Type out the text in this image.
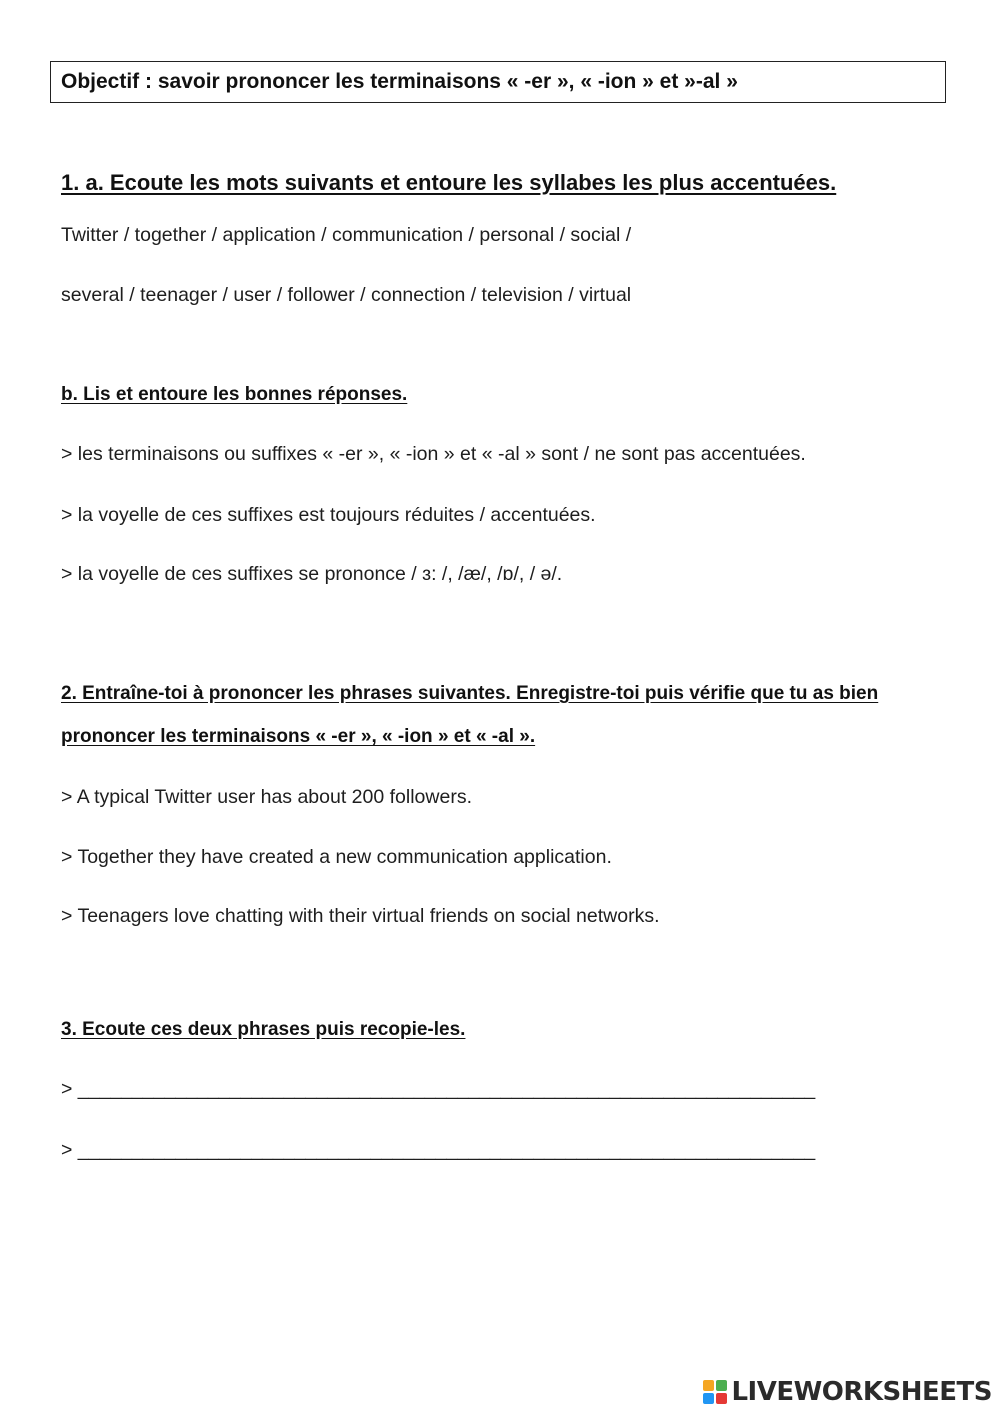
Objectif : savoir prononcer les terminaisons « -er », « -ion » et »-al »
1. a. Ecoute les mots suivants et entoure les syllabes les plus accentuées.
Twitter / together / application / communication / personal / social /
several / teenager / user / follower / connection / television / virtual
b. Lis et entoure les bonnes réponses.
> les terminaisons ou suffixes « -er », « -ion » et « -al » sont / ne sont pas accentuées.
> la voyelle de ces suffixes est toujours réduites / accentuées.
> la voyelle de ces suffixes se prononce / ɜ: /, /æ/, /ɒ/, / ə/.
2. Entraîne-toi à prononcer les phrases suivantes. Enregistre-toi puis vérifie que tu as bien
prononcer les terminaisons « -er », « -ion » et « -al ».
> A typical Twitter user has about 200 followers.
> Together they have created a new communication application.
> Teenagers love chatting with their virtual friends on social networks.
3. Ecoute ces deux phrases puis recopie-les.
> ____________________________________________________________________
> ____________________________________________________________________
LIVEWORKSHEETS
